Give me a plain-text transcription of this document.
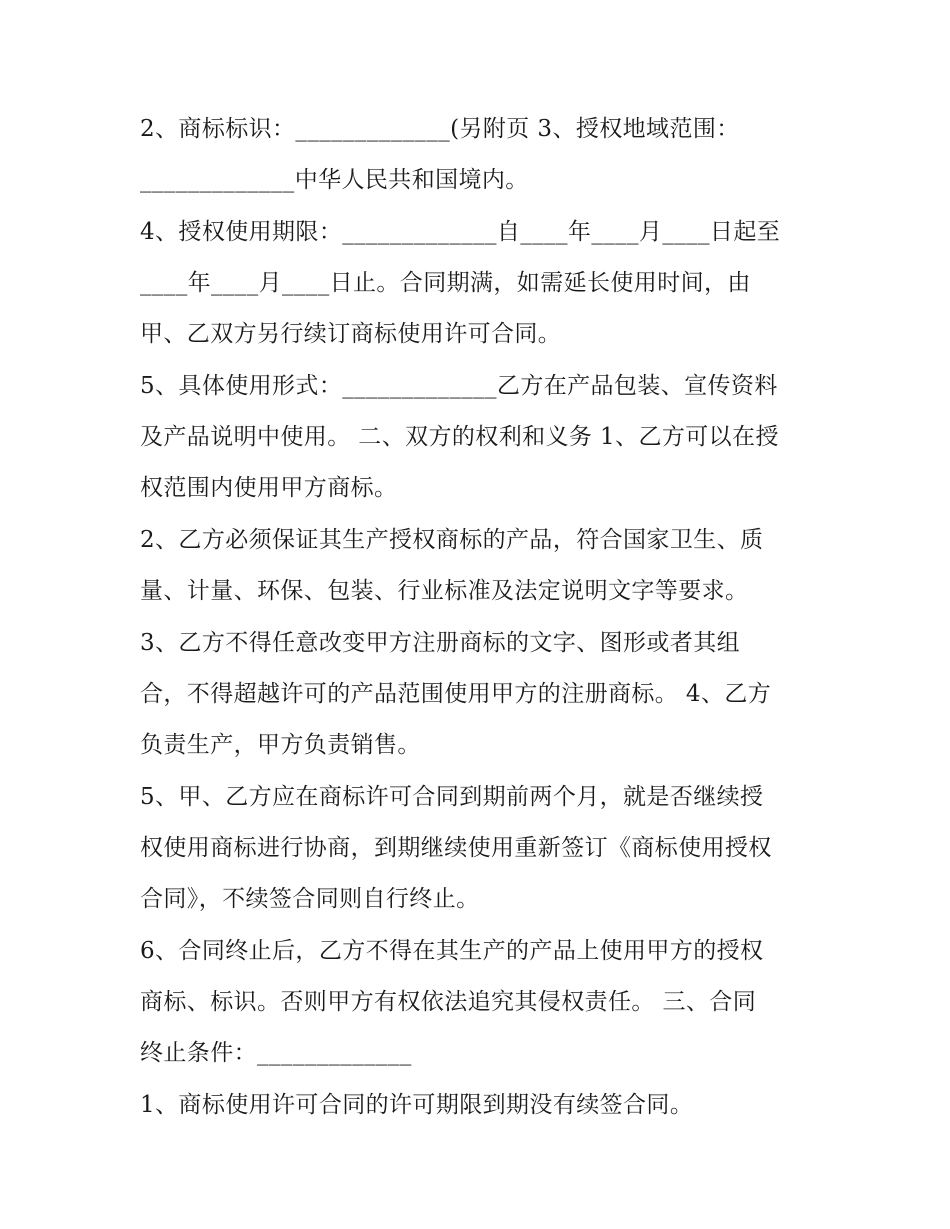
2、商标标识：_____________(另附页 3、授权地域范围：
_____________中华人民共和国境内。
4、授权使用期限：_____________自____年____月____日起至
____年____月____日止。合同期满，如需延长使用时间，由
甲、乙双方另行续订商标使用许可合同。
5、具体使用形式：_____________乙方在产品包装、宣传资料
及产品说明中使用。 二、双方的权利和义务 1、乙方可以在授
权范围内使用甲方商标。
2、乙方必须保证其生产授权商标的产品，符合国家卫生、质
量、计量、环保、包装、行业标准及法定说明文字等要求。
3、乙方不得任意改变甲方注册商标的文字、图形或者其组
合，不得超越许可的产品范围使用甲方的注册商标。 4、乙方
负责生产，甲方负责销售。
5、甲、乙方应在商标许可合同到期前两个月，就是否继续授
权使用商标进行协商，到期继续使用重新签订《商标使用授权
合同》，不续签合同则自行终止。
6、合同终止后，乙方不得在其生产的产品上使用甲方的授权
商标、标识。否则甲方有权依法追究其侵权责任。 三、合同
终止条件：_____________
1、商标使用许可合同的许可期限到期没有续签合同。
